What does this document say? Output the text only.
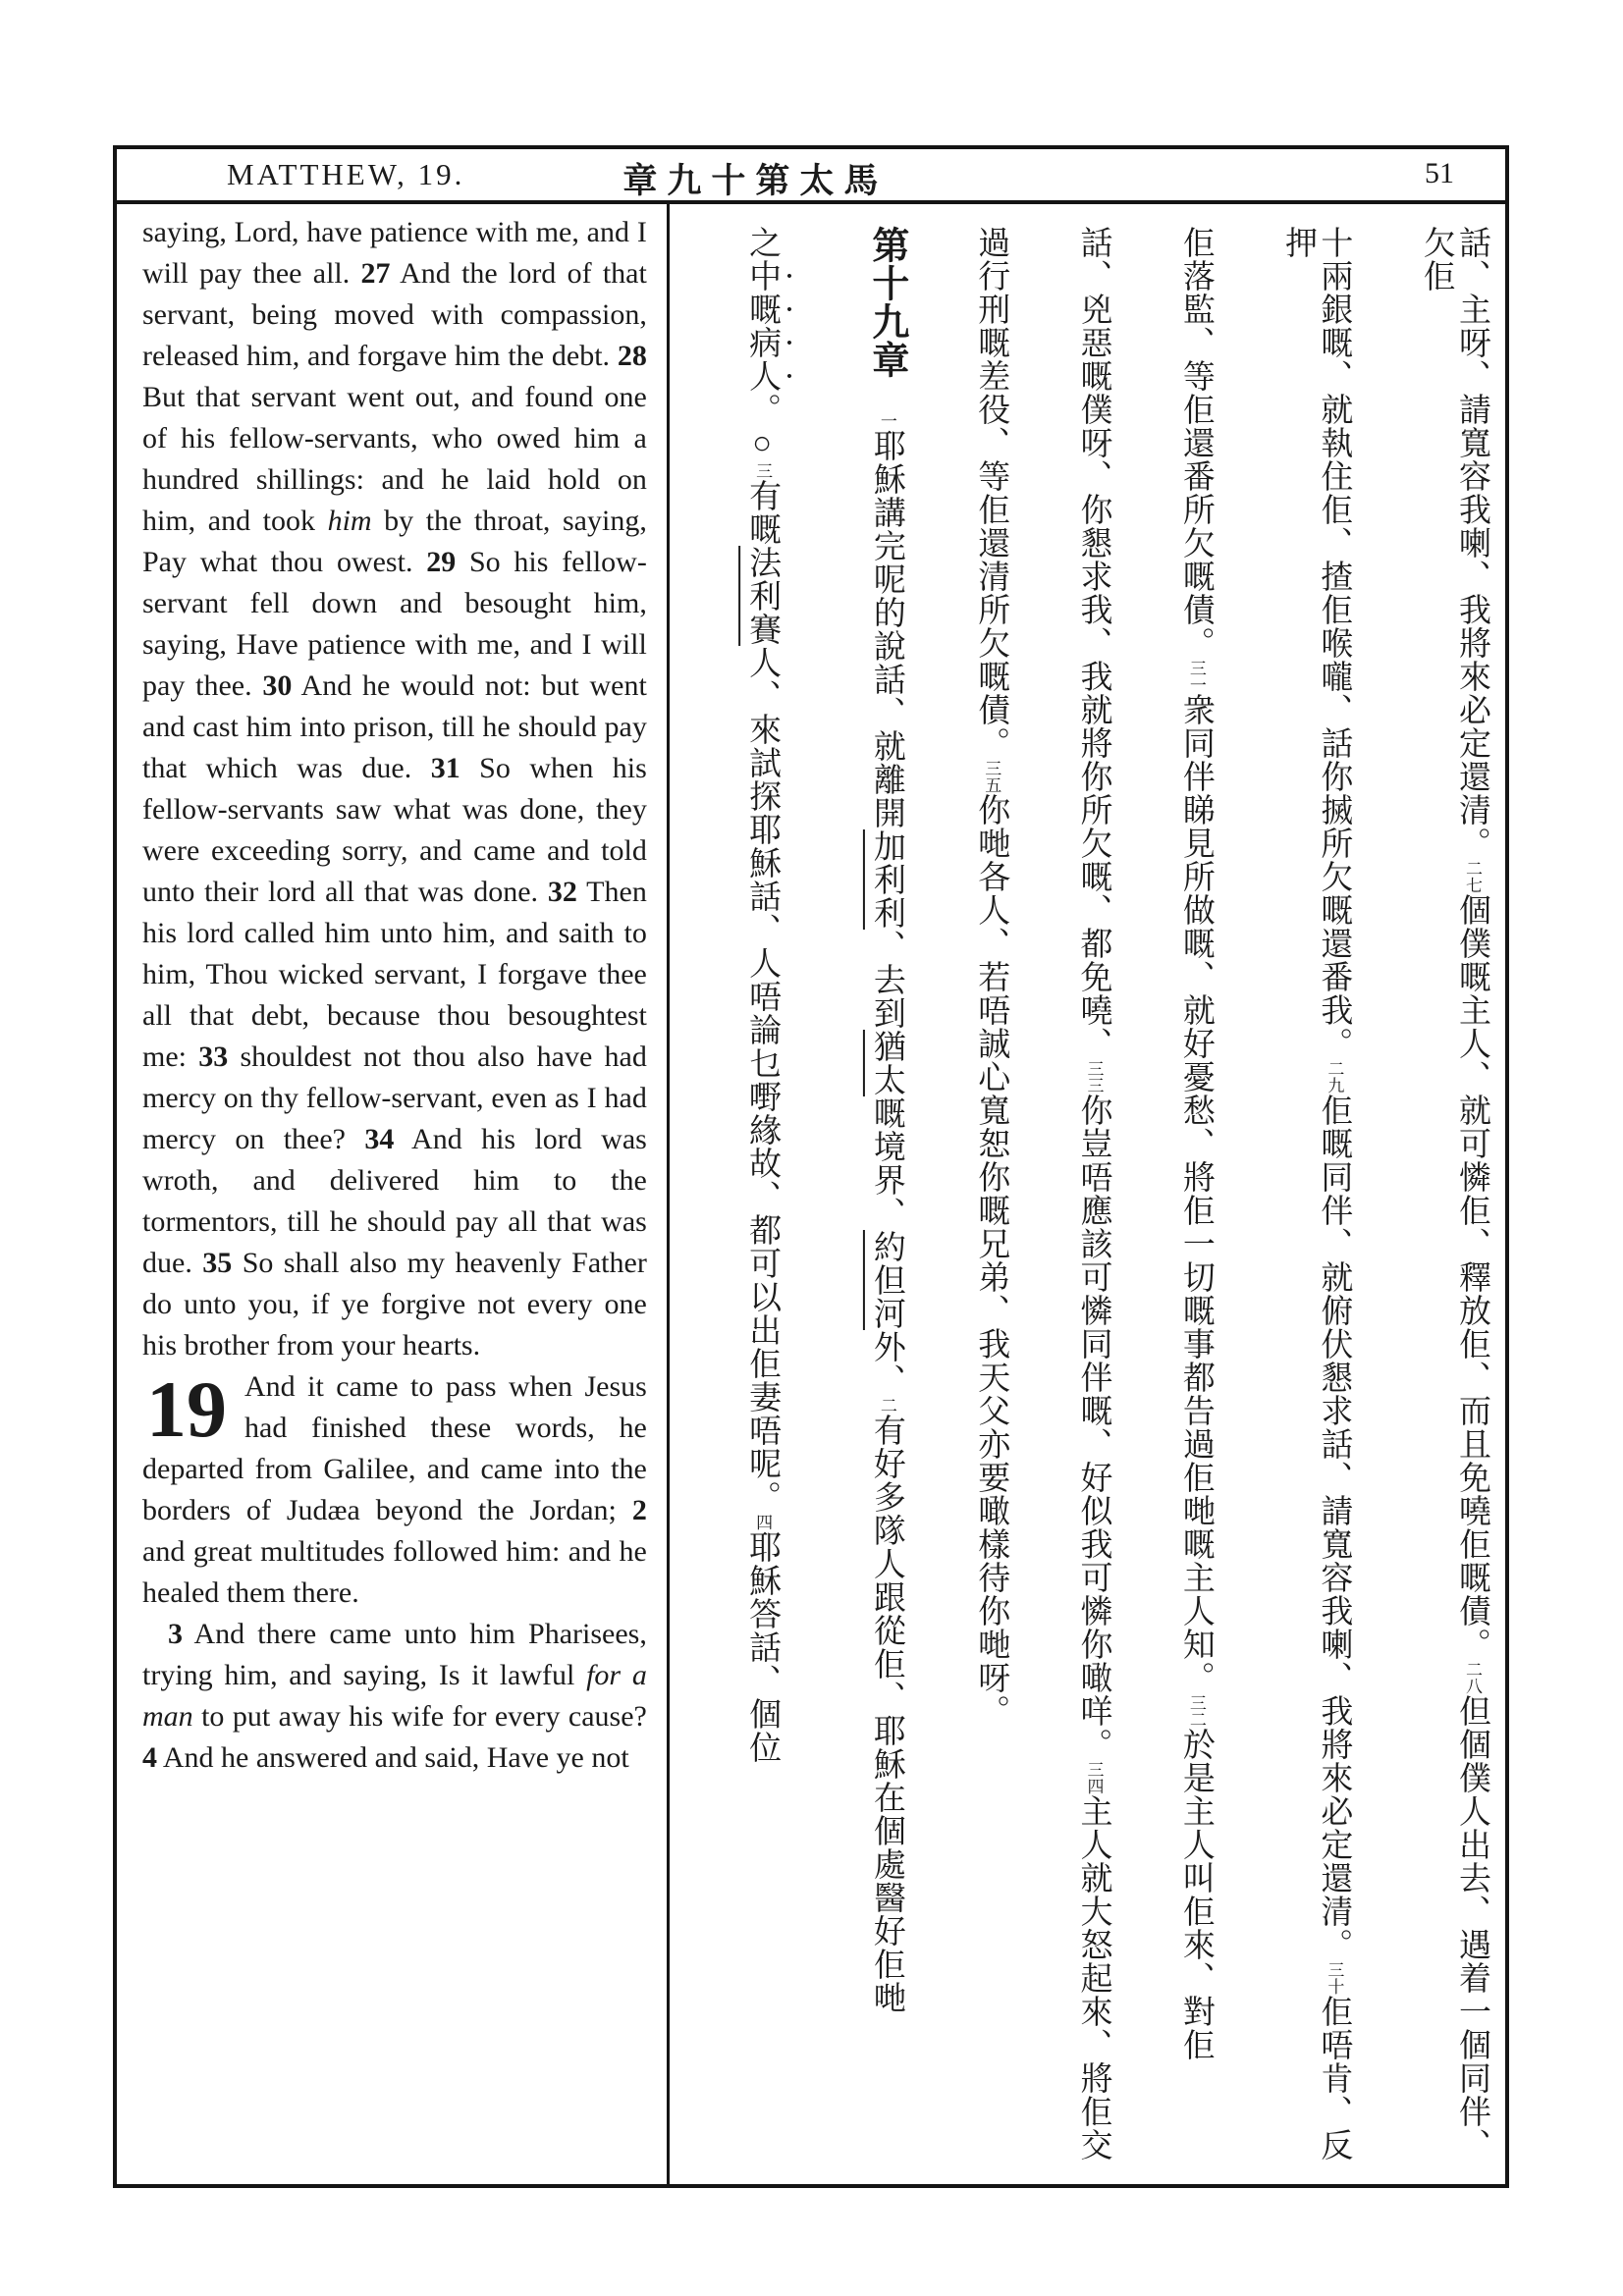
MATTHEW, 19.	章九十第太馬	51

saying, Lord, have patience with me, and I will pay thee all. 27 And the lord of that servant, being moved with compassion, released him, and forgave him the debt. 28 But that servant went out, and found one of his fellow-servants, who owed him a hundred shillings: and he laid hold on him, and took him by the throat, saying, Pay what thou owest. 29 So his fellow-servant fell down and besought him, saying, Have patience with me, and I will pay thee. 30 And he would not: but went and cast him into prison, till he should pay that which was due. 31 So when his fellow-servants saw what was done, they were exceeding sorry, and came and told unto their lord all that was done. 32 Then his lord called him unto him, and saith to him, Thou wicked servant, I forgave thee all that debt, because thou besoughtest me: 33 shouldest not thou also have had mercy on thy fellow-servant, even as I had mercy on thee? 34 And his lord was wroth, and delivered him to the tormentors, till he should pay all that was due. 35 So shall also my heavenly Father do unto you, if ye forgive not every one his brother from your hearts.

19 And it came to pass when Jesus had finished these words, he departed from Galilee, and came into the borders of Judæa beyond the Jordan; 2 and great multitudes followed him: and he healed them there.

3 And there came unto him Pharisees, trying him, and saying, Is it lawful for a man to put away his wife for every cause? 4 And he answered and said, Have ye not

話、主呀、請寬容我喇、我將來必定還清。二七個僕嘅主人、就可憐佢、釋放佢、而且免嘵佢嘅債。二八但個僕人出去、遇着一個同伴、欠佢
十兩銀嘅、就執住佢、揸佢喉嚨、話你搣所欠嘅還番我。二九佢嘅同伴、就俯伏懇求話、請寬容我喇、我將來必定還清。三十佢唔肯、反押
佢落監、等佢還番所欠嘅債。三一衆同伴睇見所做嘅、就好憂愁、將佢一切嘅事都告過佢哋嘅主人知。三二於是主人叫佢來、對佢
話、兇惡嘅僕呀、你懇求我、我就將你所欠嘅、都免嘵、三三你豈唔應該可憐同伴嘅、好似我可憐你噉咩。三四主人就大怒起來、將佢交
過行刑嘅差役、等佢還清所欠嘅債。三五你哋各人、若唔誠心寬恕你嘅兄弟、我天父亦要噉樣待你哋呀。
第十九章　一耶穌講完呢的說話、就離開加利利、去到猶太嘅境界、約但河外、二有好多隊人跟從佢、耶穌在個處醫好佢哋
之中嘅病人。○三有嘅法利賽人、來試探耶穌話、人唔論乜嘢緣故、都可以出佢妻唔呢。四耶穌答話、個位
